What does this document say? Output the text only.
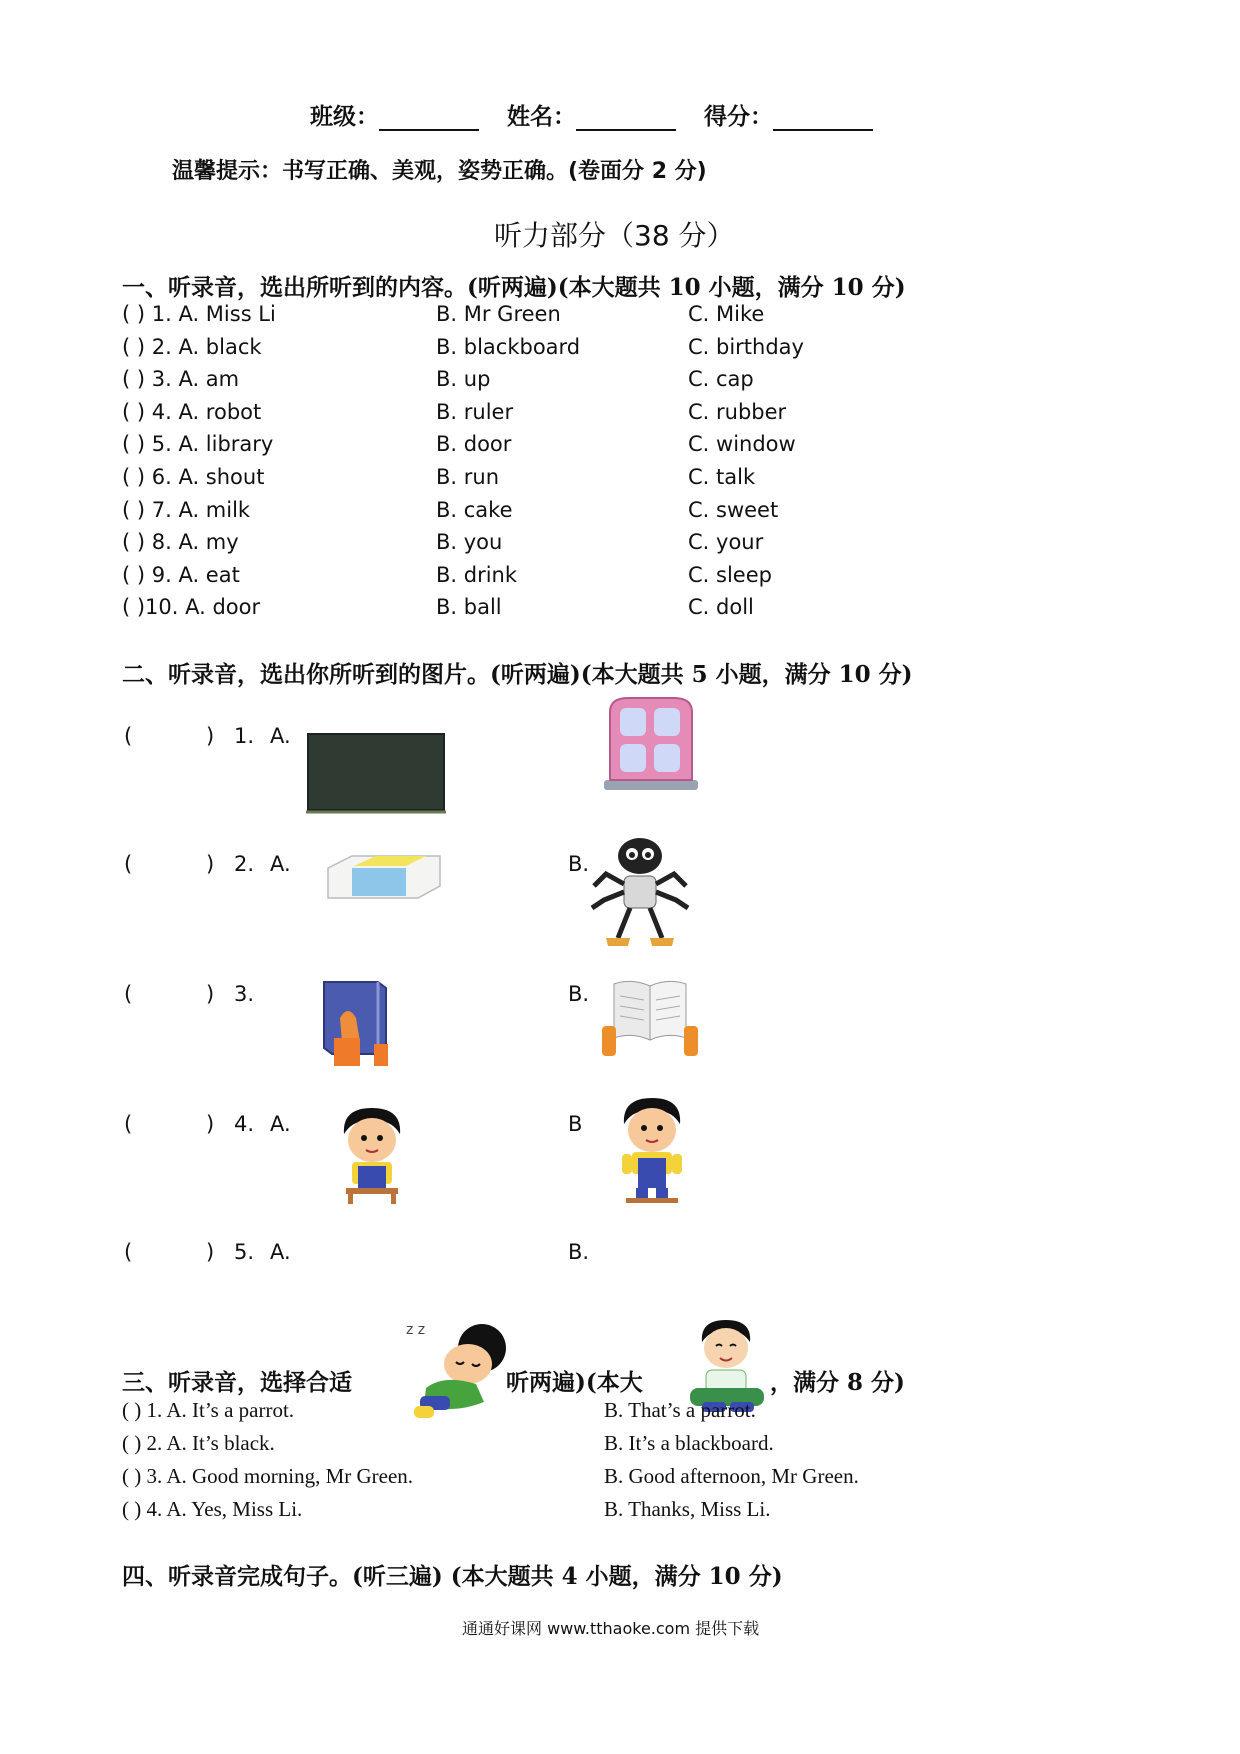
班级：	姓名：	得分：
温馨提示：书写正确、美观，姿势正确。(卷面分 2 分)
听力部分（38 分）
一、听录音，选出所听到的内容。(听两遍)(本大题共 10 小题，满分 10 分)
( ) 1. A. Miss Li	B. Mr Green	C. Mike
( ) 2. A. black	B. blackboard	C. birthday
( ) 3. A. am	B. up	C. cap
( ) 4. A. robot	B. ruler	C. rubber
( ) 5. A. library	B. door	C. window
( ) 6. A. shout	B. run	C. talk
( ) 7. A. milk	B. cake	C. sweet
( ) 8. A. my	B. you	C. your
( ) 9. A. eat	B. drink	C. sleep
( )10. A. door	B. ball	C. doll
二、听录音，选出你所听到的图片。(听两遍)(本大题共 5 小题，满分 10 分)
(	) 1. A.
(	) 2. A.	B.
(	) 3.	B.
(	) 4. A.	B
(	) 5. A.	B.
z z
三、听录音，选择合适	听两遍)(本大	，满分 8 分)
( ) 1. A. It’s a parrot.	B. That’s a parrot.
( ) 2. A. It’s black.	B. It’s a blackboard.
( ) 3. A. Good morning, Mr Green.	B. Good afternoon, Mr Green.
( ) 4. A. Yes, Miss Li.	B. Thanks, Miss Li.
四、听录音完成句子。(听三遍) (本大题共 4 小题，满分 10 分)
通通好课网 www.tthaoke.com 提供下载
